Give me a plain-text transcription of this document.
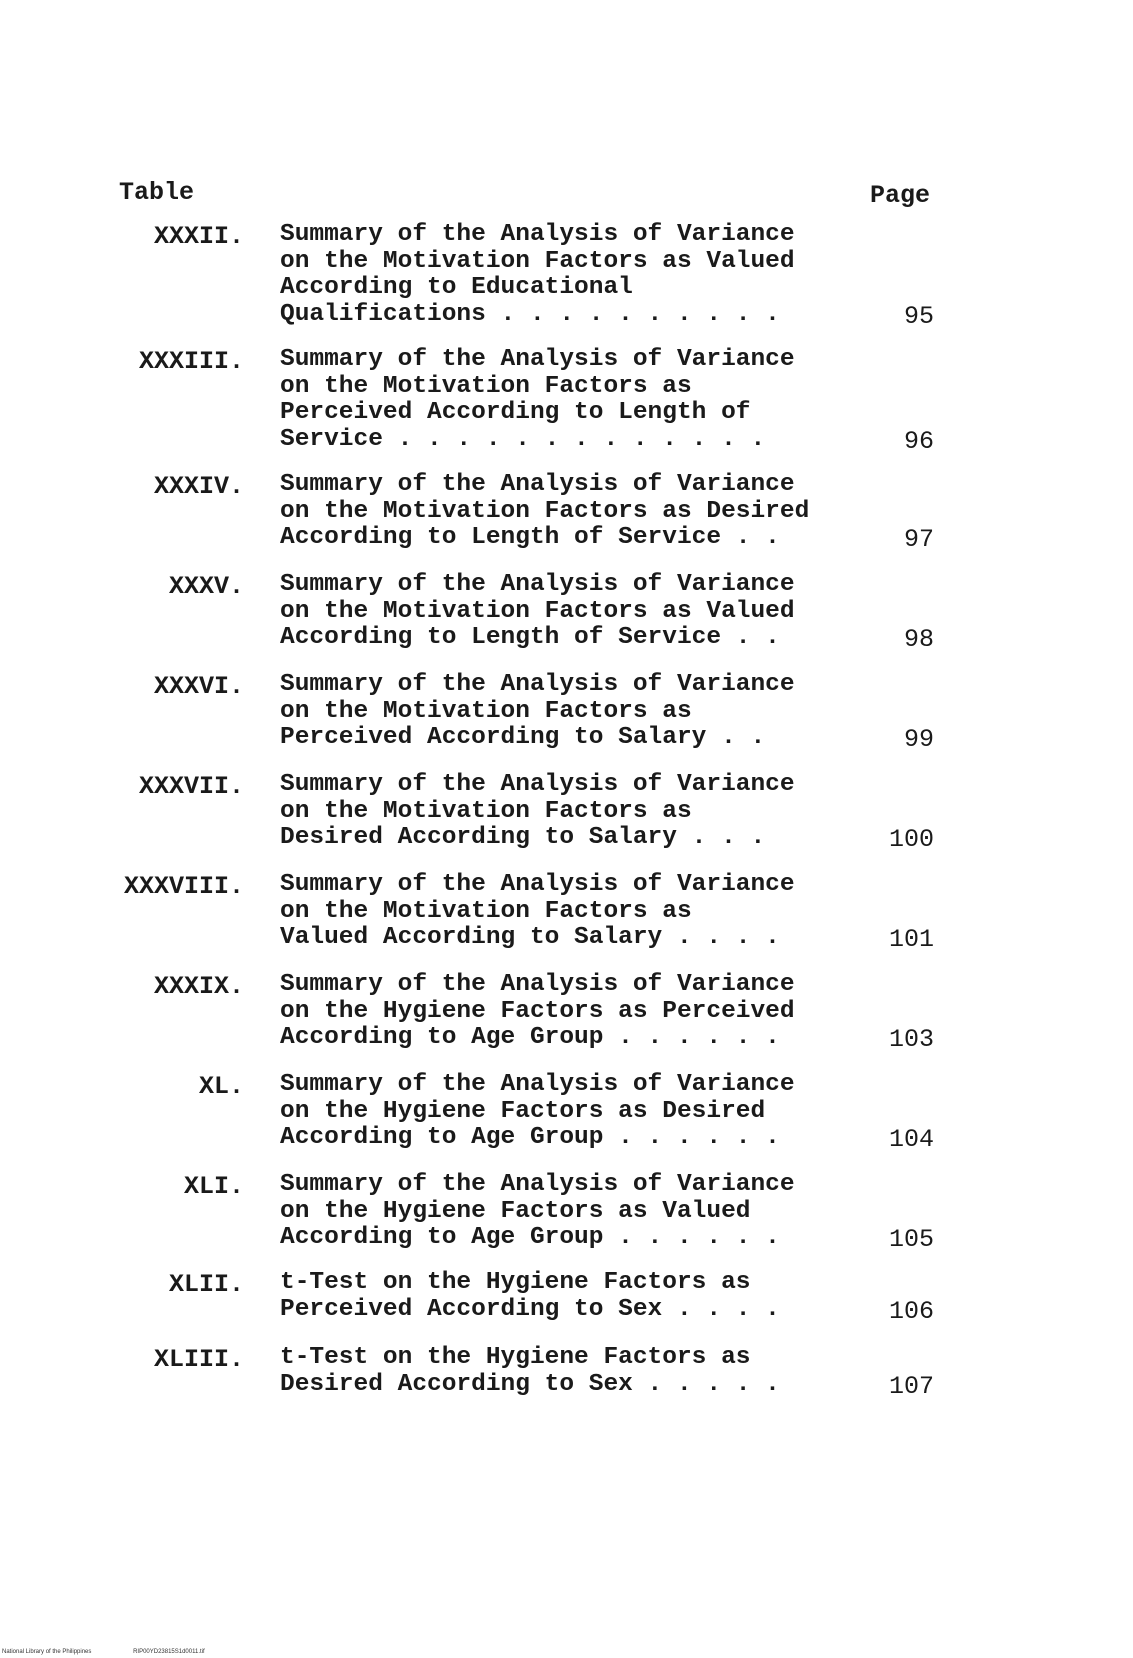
Table	Page
XXXII. Summary of the Analysis of Variance
on the Motivation Factors as Valued
According to Educational
Qualifications . . . . . . . . . .	95
XXXIII. Summary of the Analysis of Variance
on the Motivation Factors as
Perceived According to Length of
Service . . . . . . . . . . . . .	96
XXXIV. Summary of the Analysis of Variance
on the Motivation Factors as Desired
According to Length of Service . .	97
XXXV. Summary of the Analysis of Variance
on the Motivation Factors as Valued
According to Length of Service . .	98
XXXVI. Summary of the Analysis of Variance
on the Motivation Factors as
Perceived According to Salary . .	99
XXXVII. Summary of the Analysis of Variance
on the Motivation Factors as
Desired According to Salary . . .	100
XXXVIII. Summary of the Analysis of Variance
on the Motivation Factors as
Valued According to Salary . . . .	101
XXXIX. Summary of the Analysis of Variance
on the Hygiene Factors as Perceived
According to Age Group . . . . . .	103
XL. Summary of the Analysis of Variance
on the Hygiene Factors as Desired
According to Age Group . . . . . .	104
XLI. Summary of the Analysis of Variance
on the Hygiene Factors as Valued
According to Age Group . . . . . .	105
XLII. t-Test on the Hygiene Factors as
Perceived According to Sex . . . .	106
XLIII. t-Test on the Hygiene Factors as
Desired According to Sex . . . . .	107
National Library of the Philippines	RIP00YD23815S1d0011.tif
